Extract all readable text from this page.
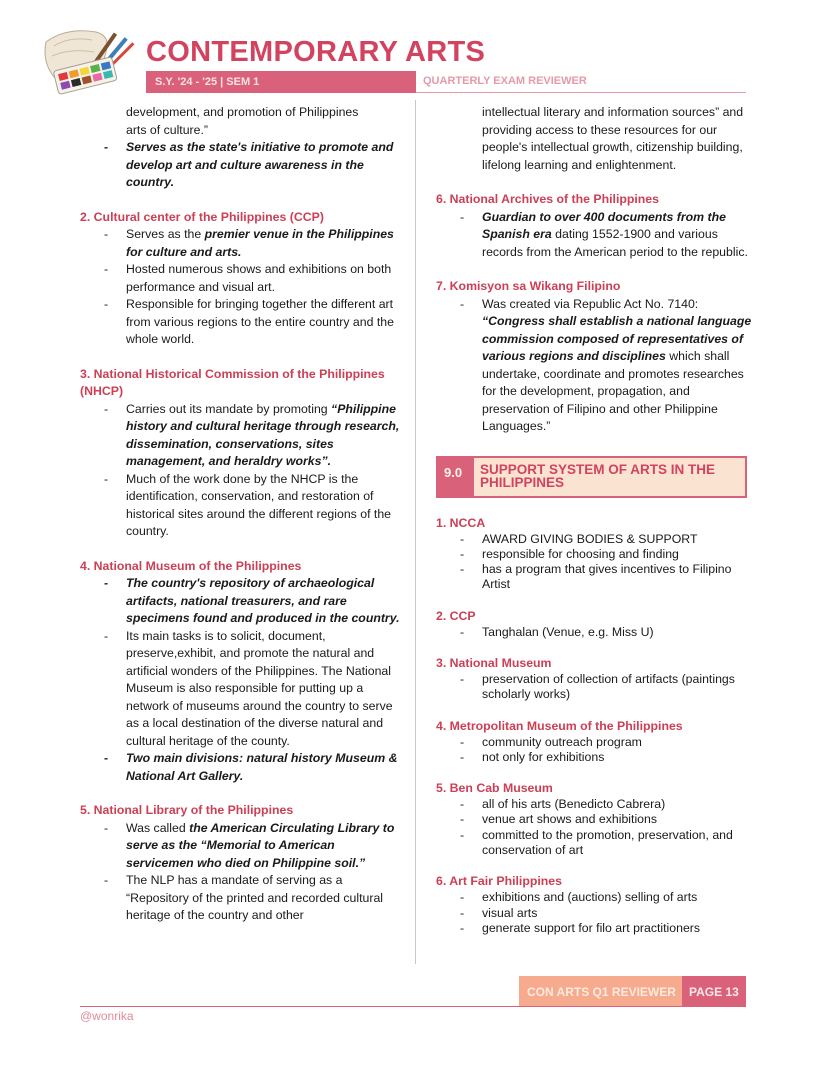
CONTEMPORARY ARTS
S.Y. '24 - '25 | SEM 1	QUARTERLY EXAM REVIEWER

development, and promotion of Philippines

arts of culture.”

- Serves as the state's initiative to promote and develop art and culture awareness in the country.
2. Cultural center of the Philippines (CCP)
- Serves as the premier venue in the Philippines for culture and arts.
- Hosted numerous shows and exhibitions on both performance and visual art.
- Responsible for bringing together the different art from various regions to the entire country and the whole world.
3. National Historical Commission of the Philippines (NHCP)
- Carries out its mandate by promoting “Philippine history and cultural heritage through research, dissemination, conservations, sites management, and heraldry works”.
- Much of the work done by the NHCP is the identification, conservation, and restoration of historical sites around the different regions of the country.
4. National Museum of the Philippines
- The country's repository of archaeological artifacts, national treasurers, and rare specimens found and produced in the country.
- Its main tasks is to solicit, document, preserve,exhibit, and promote the natural and artificial wonders of the Philippines. The National Museum is also responsible for putting up a network of museums around the country to serve as a local destination of the diverse natural and cultural heritage of the county.
- Two main divisions: natural history Museum & National Art Gallery.
5. National Library of the Philippines
- Was called the American Circulating Library to serve as the “Memorial to American servicemen who died on Philippine soil.”
- The NLP has a mandate of serving as a “Repository of the printed and recorded cultural heritage of the country and other
intellectual literary and information sources” and providing access to these resources for our people's intellectual growth, citizenship building, lifelong learning and enlightenment.
6. National Archives of the Philippines
- Guardian to over 400 documents from the Spanish era dating 1552-1900 and various records from the American period to the republic.
7. Komisyon sa Wikang Filipino
- Was created via Republic Act No. 7140: “Congress shall establish a national language commission composed of representatives of various regions and disciplines which shall undertake, coordinate and promotes researches for the development, propagation, and preservation of Filipino and other Philippine Languages.”
9.0	SUPPORT SYSTEM OF ARTS IN THE PHILIPPINES
1. NCCA
- AWARD GIVING BODIES & SUPPORT
- responsible for choosing and finding
- has a program that gives incentives to Filipino Artist
2. CCP
- Tanghalan (Venue, e.g. Miss U)
3. National Museum
- preservation of collection of artifacts (paintings scholarly works)
4. Metropolitan Museum of the Philippines
- community outreach program
- not only for exhibitions
5. Ben Cab Museum
- all of his arts (Benedicto Cabrera)
- venue art shows and exhibitions
- committed to the promotion, preservation, and conservation of art
6. Art Fair Philippines
- exhibitions and (auctions) selling of arts
- visual arts
- generate support for filo art practitioners
CON ARTS Q1 REVIEWER	PAGE 13
@wonrika
